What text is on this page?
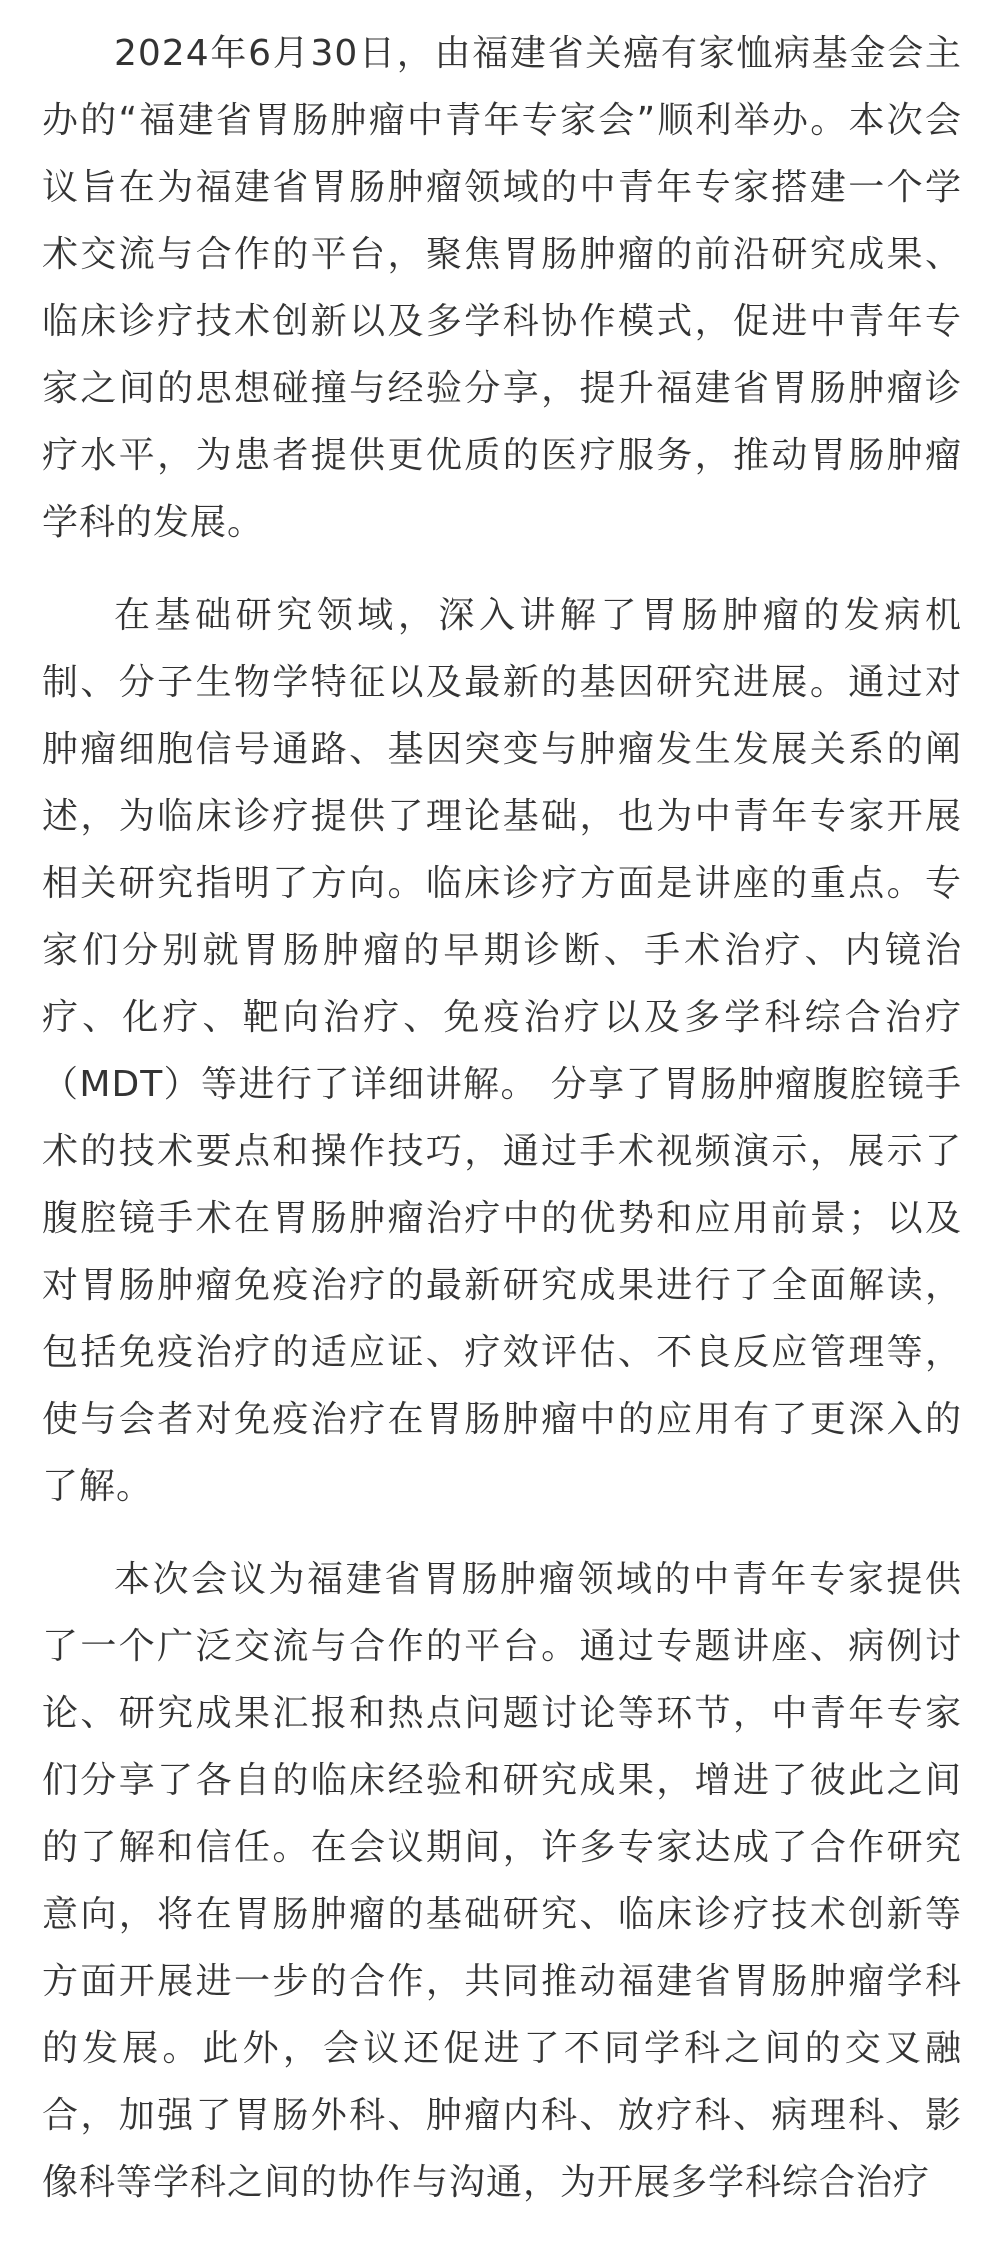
2024年6月30日，由福建省关癌有家恤病基金会主办的“福建省胃肠肿瘤中青年专家会”顺利举办。本次会议旨在为福建省胃肠肿瘤领域的中青年专家搭建一个学术交流与合作的平台，聚焦胃肠肿瘤的前沿研究成果、临床诊疗技术创新以及多学科协作模式，促进中青年专家之间的思想碰撞与经验分享，提升福建省胃肠肿瘤诊疗水平，为患者提供更优质的医疗服务，推动胃肠肿瘤学科的发展。

在基础研究领域，深入讲解了胃肠肿瘤的发病机制、分子生物学特征以及最新的基因研究进展。通过对肿瘤细胞信号通路、基因突变与肿瘤发生发展关系的阐述，为临床诊疗提供了理论基础，也为中青年专家开展相关研究指明了方向。临床诊疗方面是讲座的重点。专家们分别就胃肠肿瘤的早期诊断、手术治疗、内镜治疗、化疗、靶向治疗、免疫治疗以及多学科综合治疗（MDT）等进行了详细讲解。 分享了胃肠肿瘤腹腔镜手术的技术要点和操作技巧，通过手术视频演示，展示了腹腔镜手术在胃肠肿瘤治疗中的优势和应用前景；以及对胃肠肿瘤免疫治疗的最新研究成果进行了全面解读，包括免疫治疗的适应证、疗效评估、不良反应管理等，使与会者对免疫治疗在胃肠肿瘤中的应用有了更深入的了解。

本次会议为福建省胃肠肿瘤领域的中青年专家提供了一个广泛交流与合作的平台。通过专题讲座、病例讨论、研究成果汇报和热点问题讨论等环节，中青年专家们分享了各自的临床经验和研究成果，增进了彼此之间的了解和信任。在会议期间，许多专家达成了合作研究意向，将在胃肠肿瘤的基础研究、临床诊疗技术创新等方面开展进一步的合作，共同推动福建省胃肠肿瘤学科的发展。此外，会议还促进了不同学科之间的交叉融合，加强了胃肠外科、肿瘤内科、放疗科、病理科、影像科等学科之间的协作与沟通，为开展多学科综合治疗
